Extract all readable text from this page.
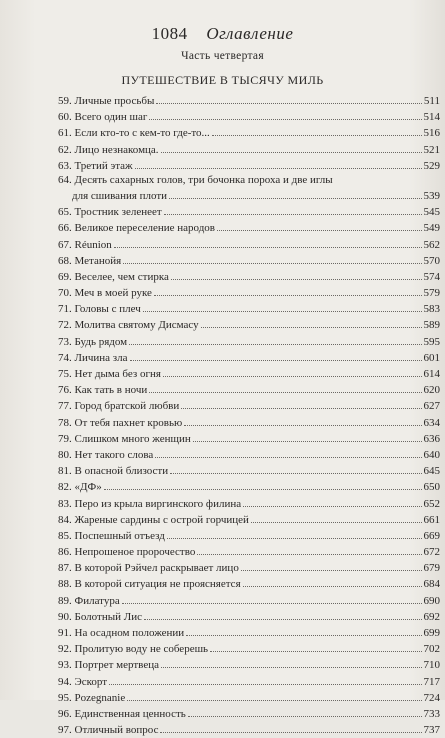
1084 Оглавление
Часть четвертая
ПУТЕШЕСТВИЕ В ТЫСЯЧУ МИЛЬ
59. Личные просьбы	511
60. Всего один шаг	514
61. Если кто-то с кем-то где-то...	516
62. Лицо незнакомца.	521
63. Третий этаж	529
64. Десять сахарных голов, три бочонка пороха и две иглы
для сшивания плоти	539
65. Тростник зеленеет	545
66. Великое переселение народов	549
67. Réunion	562
68. Метанойя	570
69. Веселее, чем стирка	574
70. Меч в моей руке	579
71. Головы с плеч	583
72. Молитва святому Дисмасу	589
73. Будь рядом	595
74. Личина зла	601
75. Нет дыма без огня	614
76. Как тать в ночи	620
77. Город братской любви	627
78. От тебя пахнет кровью	634
79. Слишком много женщин	636
80. Нет такого слова	640
81. В опасной близости	645
82. «ДФ»	650
83. Перо из крыла виргинского филина	652
84. Жареные сардины с острой горчицей	661
85. Поспешный отъезд	669
86. Непрошеное пророчество	672
87. В которой Рэйчел раскрывает лицо	679
88. В которой ситуация не проясняется	684
89. Филатура	690
90. Болотный Лис	692
91. На осадном положении	699
92. Пролитую воду не соберешь	702
93. Портрет мертвеца	710
94. Эскорт	717
95. Pozegnanie	724
96. Единственная ценность	733
97. Отличный вопрос	737
